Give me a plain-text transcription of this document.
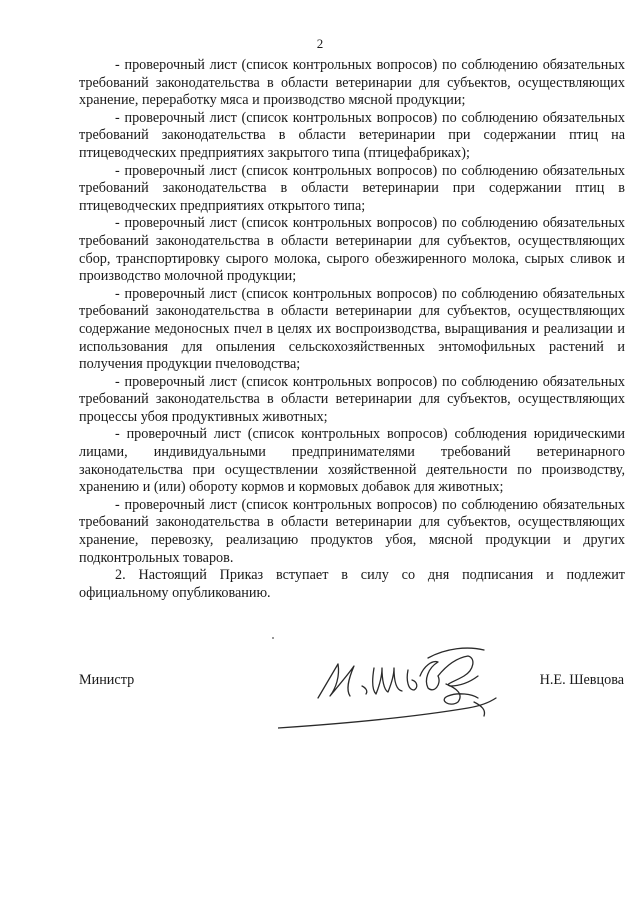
2

- проверочный лист (список контрольных вопросов) по соблюдению обязательных требований законодательства в области ветеринарии для субъектов, осуществляющих хранение, переработку мяса и производство мясной продукции;

- проверочный лист (список контрольных вопросов) по соблюдению обязательных требований законодательства в области ветеринарии при содержании птиц на птицеводческих предприятиях закрытого типа (птицефабриках);

- проверочный лист (список контрольных вопросов) по соблюдению обязательных требований законодательства в области ветеринарии при содержании птиц в птицеводческих предприятиях открытого типа;

- проверочный лист (список контрольных вопросов) по соблюдению обязательных требований законодательства в области ветеринарии для субъектов, осуществляющих сбор, транспортировку сырого молока, сырого обезжиренного молока, сырых сливок и производство молочной продукции;

- проверочный лист (список контрольных вопросов) по соблюдению обязательных требований законодательства в области ветеринарии для субъектов, осуществляющих содержание медоносных пчел в целях их воспроизводства, выращивания и реализации и использования для опыления сельскохозяйственных энтомофильных растений и получения продукции пчеловодства;

- проверочный лист (список контрольных вопросов) по соблюдению обязательных требований законодательства в области ветеринарии для субъектов, осуществляющих процессы убоя продуктивных животных;

- проверочный лист (список контрольных вопросов) соблюдения юридическими лицами, индивидуальными предпринимателями требований ветеринарного законодательства при осуществлении хозяйственной деятельности по производству, хранению и (или) обороту кормов и кормовых добавок для животных;

- проверочный лист (список контрольных вопросов) по соблюдению обязательных требований законодательства в области ветеринарии для субъектов, осуществляющих хранение, перевозку, реализацию продуктов убоя, мясной продукции и других подконтрольных товаров.

2. Настоящий Приказ вступает в силу со дня подписания и подлежит официальному опубликованию.

Министр	Н.Е. Шевцова
